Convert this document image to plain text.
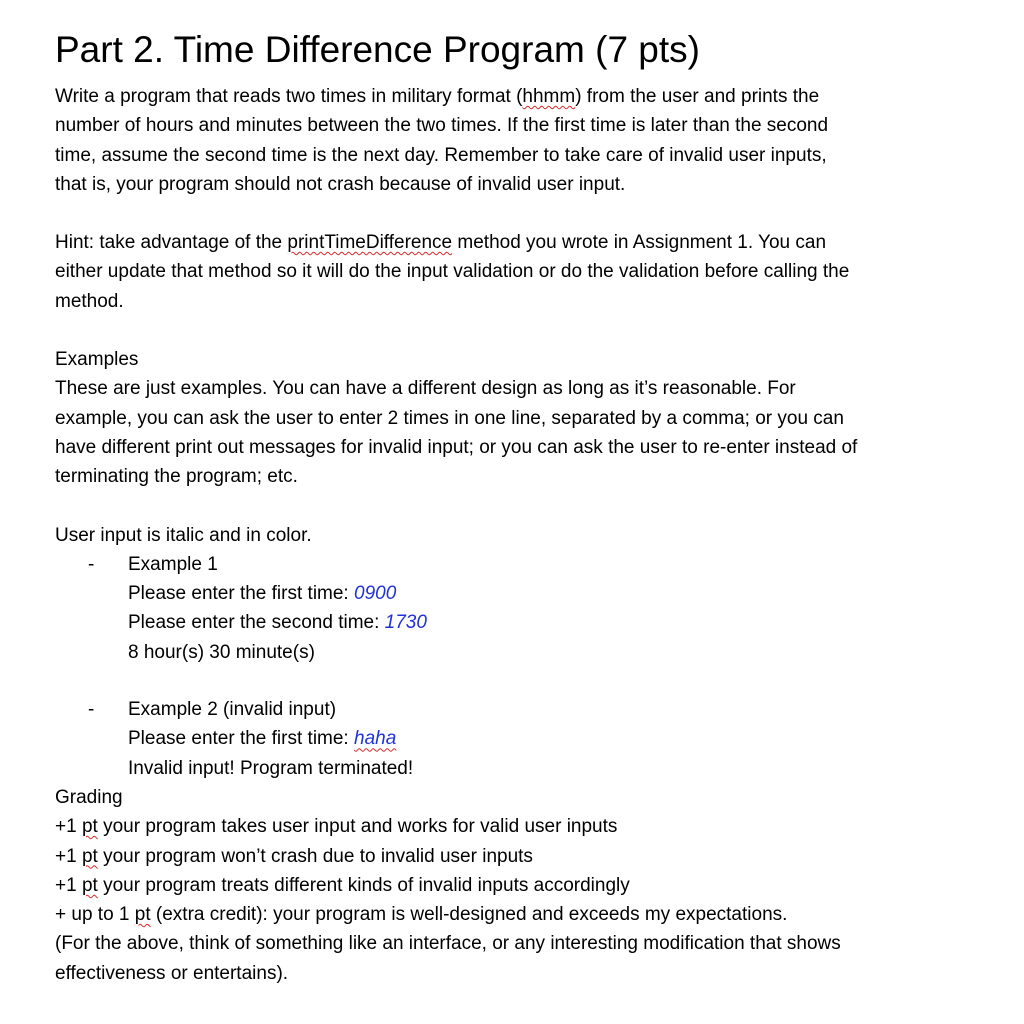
Part 2. Time Difference Program (7 pts)

Write a program that reads two times in military format (hhmm) from the user and prints the
number of hours and minutes between the two times. If the first time is later than the second
time, assume the second time is the next day. Remember to take care of invalid user inputs,
that is, your program should not crash because of invalid user input.

Hint: take advantage of the printTimeDifference method you wrote in Assignment 1. You can
either update that method so it will do the input validation or do the validation before calling the
method.

Examples
These are just examples. You can have a different design as long as it’s reasonable. For
example, you can ask the user to enter 2 times in one line, separated by a comma; or you can
have different print out messages for invalid input; or you can ask the user to re-enter instead of
terminating the program; etc.

User input is italic and in color.

- Example 1
Please enter the first time: 0900
Please enter the second time: 1730
8 hour(s) 30 minute(s)
- Example 2 (invalid input)
Please enter the first time: haha
Invalid input! Program terminated!

Grading
+1 pt your program takes user input and works for valid user inputs
+1 pt your program won’t crash due to invalid user inputs
+1 pt your program treats different kinds of invalid inputs accordingly
+ up to 1 pt (extra credit): your program is well-designed and exceeds my expectations.
(For the above, think of something like an interface, or any interesting modification that shows
effectiveness or entertains).
